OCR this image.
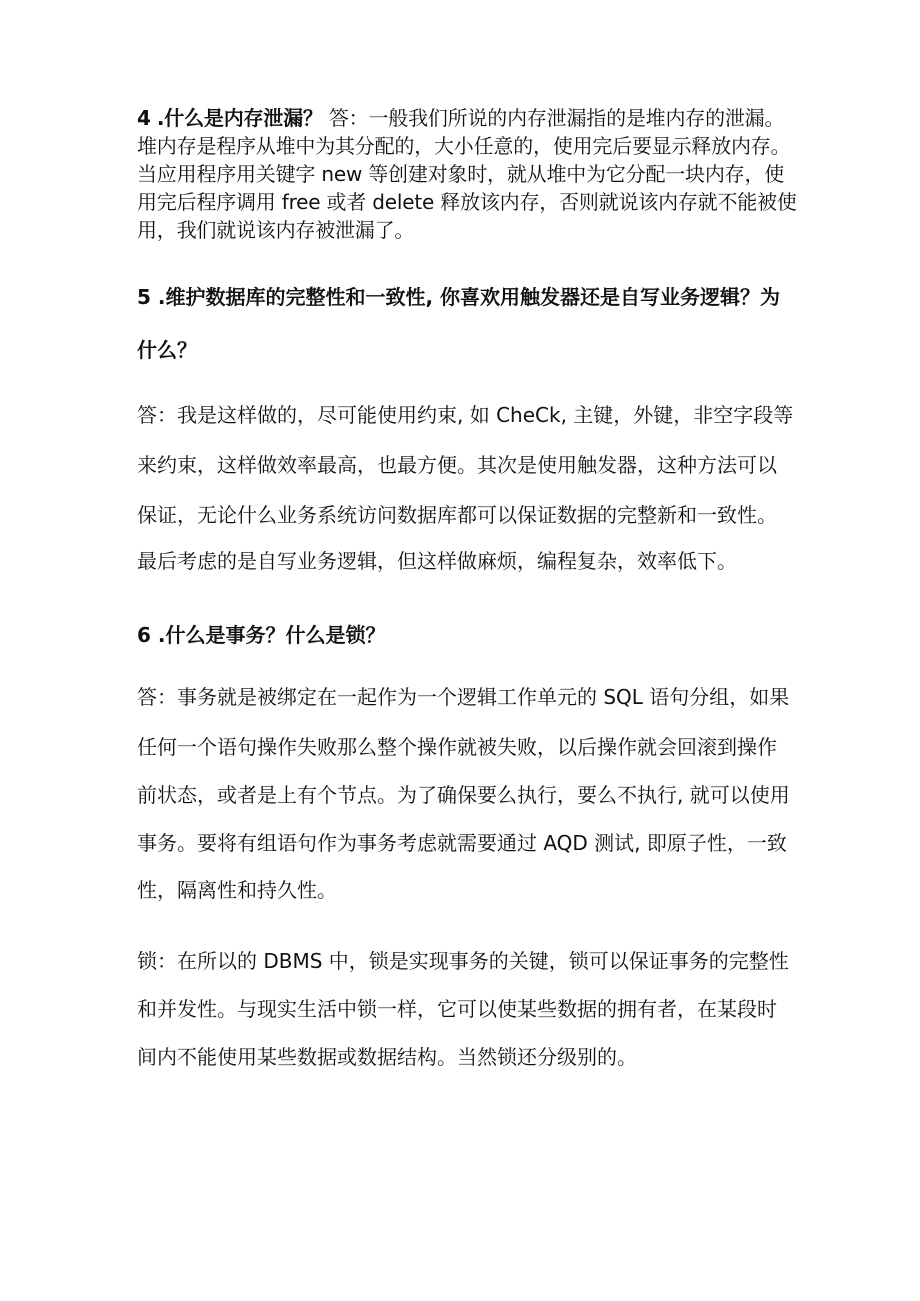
4 .什么是内存泄漏？ 答：一般我们所说的内存泄漏指的是堆内存的泄漏。
堆内存是程序从堆中为其分配的，大小任意的，使用完后要显示释放内存。
当应用程序用关键字 new 等创建对象时，就从堆中为它分配一块内存，使
用完后程序调用 free 或者 delete 释放该内存，否则就说该内存就不能被使
用，我们就说该内存被泄漏了。
5 .维护数据库的完整性和一致性, 你喜欢用触发器还是自写业务逻辑？为
什么？
答：我是这样做的，尽可能使用约束, 如 CheCk, 主键，外键，非空字段等
来约束，这样做效率最高，也最方便。其次是使用触发器，这种方法可以
保证，无论什么业务系统访问数据库都可以保证数据的完整新和一致性。
最后考虑的是自写业务逻辑，但这样做麻烦，编程复杂，效率低下。
6 .什么是事务？什么是锁？
答：事务就是被绑定在一起作为一个逻辑工作单元的 SQL 语句分组，如果
任何一个语句操作失败那么整个操作就被失败，以后操作就会回滚到操作
前状态，或者是上有个节点。为了确保要么执行，要么不执行, 就可以使用
事务。要将有组语句作为事务考虑就需要通过 AQD 测试, 即原子性，一致
性，隔离性和持久性。
锁：在所以的 DBMS 中，锁是实现事务的关键，锁可以保证事务的完整性
和并发性。与现实生活中锁一样，它可以使某些数据的拥有者，在某段时
间内不能使用某些数据或数据结构。当然锁还分级别的。
